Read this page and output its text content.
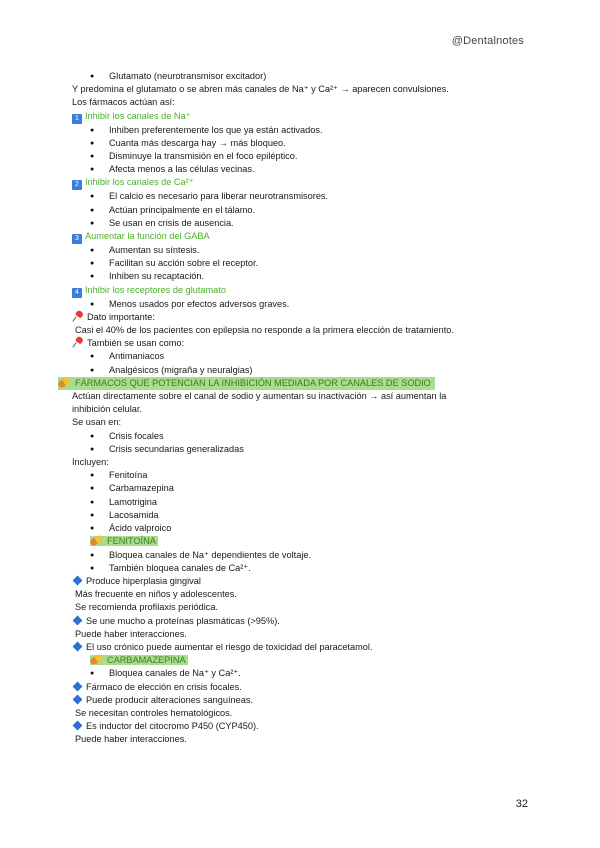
@Dentalnotes
● Glutamato (neurotransmisor excitador)
Y predomina el glutamato o se abren más canales de Na⁺ y Ca²⁺ → aparecen convulsiones.
Los fármacos actúan así:
1 Inhibir los canales de Na⁺
● Inhiben preferentemente los que ya están activados.
● Cuanta más descarga hay → más bloqueo.
● Disminuye la transmisión en el foco epiléptico.
● Afecta menos a las células vecinas.
2 Inhibir los canales de Ca²⁺
● El calcio es necesario para liberar neurotransmisores.
● Actúan principalmente en el tálamo.
● Se usan en crisis de ausencia.
3 Aumentar la función del GABA
● Aumentan su síntesis.
● Facilitan su acción sobre el receptor.
● Inhiben su recaptación.
4 Inhibir los receptores de glutamato
● Menos usados por efectos adversos graves.
Dato importante:
Casi el 40% de los pacientes con epilepsia no responde a la primera elección de tratamiento.
También se usan como:
● Antimaniacos
● Analgésicos (migraña y neuralgias)
FÁRMACOS QUE POTENCIAN LA INHIBICIÓN MEDIADA POR CANALES DE SODIO
Actúan directamente sobre el canal de sodio y aumentan su inactivación → así aumentan la
inhibición celular.
Se usan en:
● Crisis focales
● Crisis secundarias generalizadas
Incluyen:
● Fenitoína
● Carbamazepina
● Lamotrigina
● Lacosamida
● Ácido valproico
FENITOÍNA
● Bloquea canales de Na⁺ dependientes de voltaje.
● También bloquea canales de Ca²⁺.
Produce hiperplasia gingival
Más frecuente en niños y adolescentes.
Se recomienda profilaxis periódica.
Se une mucho a proteínas plasmáticas (>95%).
Puede haber interacciones.
El uso crónico puede aumentar el riesgo de toxicidad del paracetamol.
CARBAMAZEPINA
● Bloquea canales de Na⁺ y Ca²⁺.
Fármaco de elección en crisis focales.
Puede producir alteraciones sanguíneas.
Se necesitan controles hematológicos.
Es inductor del citocromo P450 (CYP450).
Puede haber interacciones.
32
